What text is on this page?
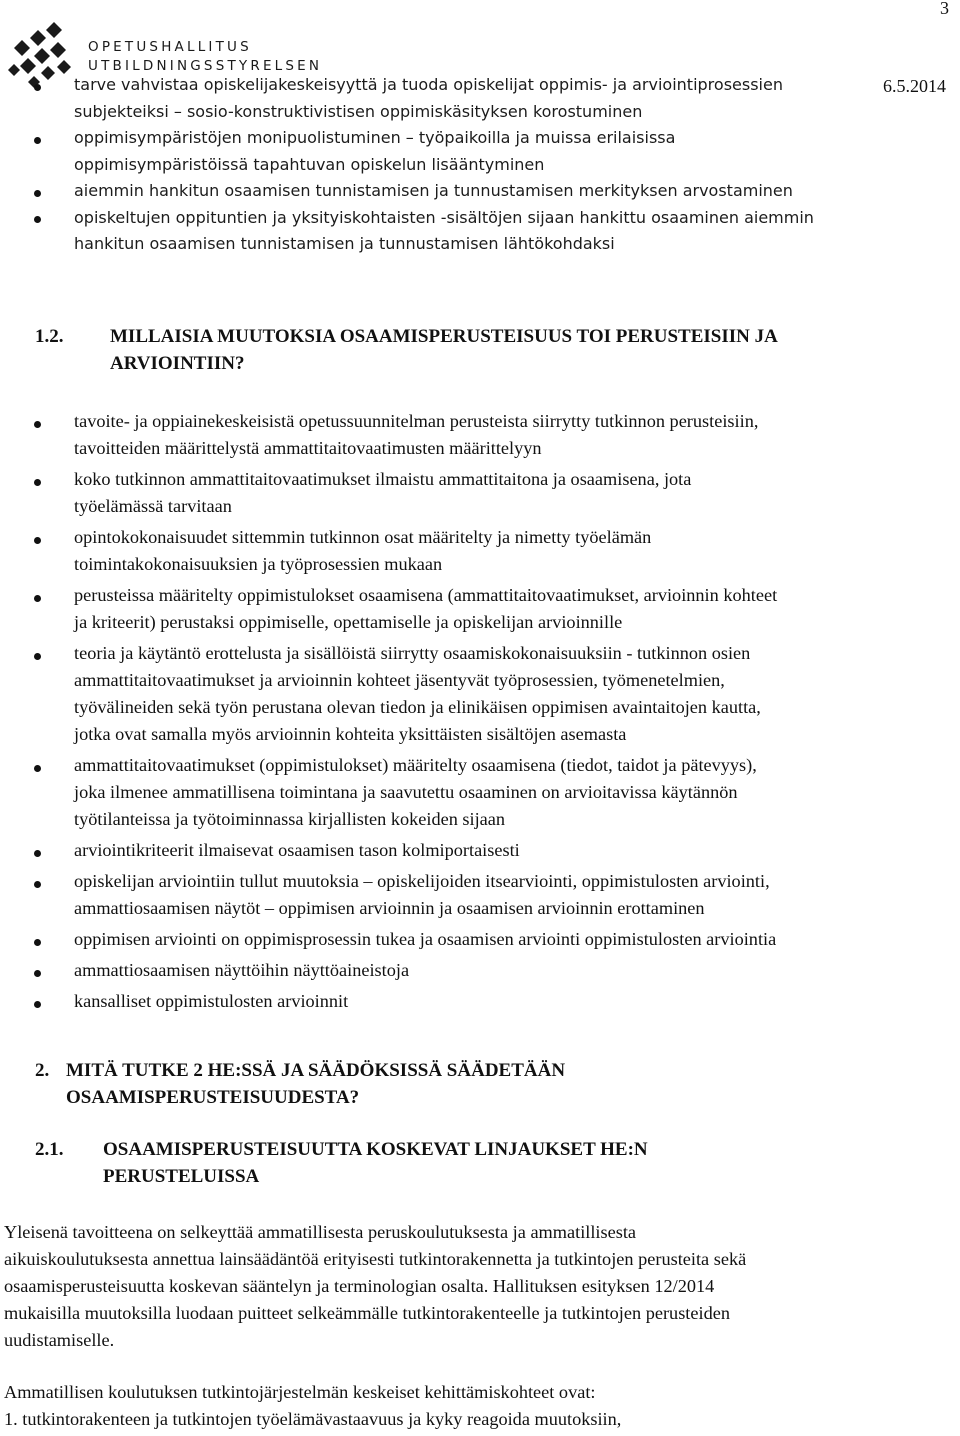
OPETUSHALLITUS
UTBILDNINGSSTYRELSEN
3
6.5.2014
tarve vahvistaa opiskelijakeskeisyyttä ja tuoda opiskelijat oppimis- ja arviointiprosessien
subjekteiksi – sosio-konstruktivistisen oppimiskäsityksen korostuminen
oppimisympäristöjen monipuolistuminen – työpaikoilla ja muissa erilaisissa
oppimisympäristöissä tapahtuvan opiskelun lisääntyminen
aiemmin hankitun osaamisen tunnistamisen ja tunnustamisen merkityksen arvostaminen
opiskeltujen oppituntien ja yksityiskohtaisten -sisältöjen sijaan hankittu osaaminen aiemmin
hankitun osaamisen tunnistamisen ja tunnustamisen lähtökohdaksi
1.2. MILLAISIA MUUTOKSIA OSAAMISPERUSTEISUUS TOI PERUSTEISIIN JA
ARVIOINTIIN?
tavoite- ja oppiainekeskeisistä opetussuunnitelman perusteista siirrytty tutkinnon perusteisiin,
tavoitteiden määrittelystä ammattitaitovaatimusten määrittelyyn
koko tutkinnon ammattitaitovaatimukset ilmaistu ammattitaitona ja osaamisena, jota
työelämässä tarvitaan
opintokokonaisuudet sittemmin tutkinnon osat määritelty ja nimetty työelämän
toimintakokonaisuuksien ja työprosessien mukaan
perusteissa määritelty oppimistulokset osaamisena (ammattitaitovaatimukset, arvioinnin kohteet
ja kriteerit) perustaksi oppimiselle, opettamiselle ja opiskelijan arvioinnille
teoria ja käytäntö erottelusta ja sisällöistä siirrytty osaamiskokonaisuuksiin - tutkinnon osien
ammattitaitovaatimukset ja arvioinnin kohteet jäsentyvät työprosessien, työmenetelmien,
työvälineiden sekä työn perustana olevan tiedon ja elinikäisen oppimisen avaintaitojen kautta,
jotka ovat samalla myös arvioinnin kohteita yksittäisten sisältöjen asemasta
ammattitaitovaatimukset (oppimistulokset) määritelty osaamisena (tiedot, taidot ja pätevyys),
joka ilmenee ammatillisena toimintana ja saavutettu osaaminen on arvioitavissa käytännön
työtilanteissa ja työtoiminnassa kirjallisten kokeiden sijaan
arviointikriteerit ilmaisevat osaamisen tason kolmiportaisesti
opiskelijan arviointiin tullut muutoksia – opiskelijoiden itsearviointi, oppimistulosten arviointi,
ammattiosaamisen näytöt – oppimisen arvioinnin ja osaamisen arvioinnin erottaminen
oppimisen arviointi on oppimisprosessin tukea ja osaamisen arviointi oppimistulosten arviointia
ammattiosaamisen näyttöihin näyttöaineistoja
kansalliset oppimistulosten arvioinnit
2. MITÄ TUTKE 2 HE:SSÄ JA SÄÄDÖKSISSÄ SÄÄDETÄÄN
OSAAMISPERUSTEISUUDESTA?
2.1. OSAAMISPERUSTEISUUTTA KOSKEVAT LINJAUKSET HE:N
PERUSTELUISSA
Yleisenä tavoitteena on selkeyttää ammatillisesta peruskoulutuksesta ja ammatillisesta
aikuiskoulutuksesta annettua lainsäädäntöä erityisesti tutkintorakennetta ja tutkintojen perusteita sekä
osaamisperusteisuutta koskevan sääntelyn ja terminologian osalta. Hallituksen esityksen 12/2014
mukaisilla muutoksilla luodaan puitteet selkeämmälle tutkintorakenteelle ja tutkintojen perusteiden
uudistamiselle.
Ammatillisen koulutuksen tutkintojärjestelmän keskeiset kehittämiskohteet ovat:
1. tutkintorakenteen ja tutkintojen työelämävastaavuus ja kyky reagoida muutoksiin,
